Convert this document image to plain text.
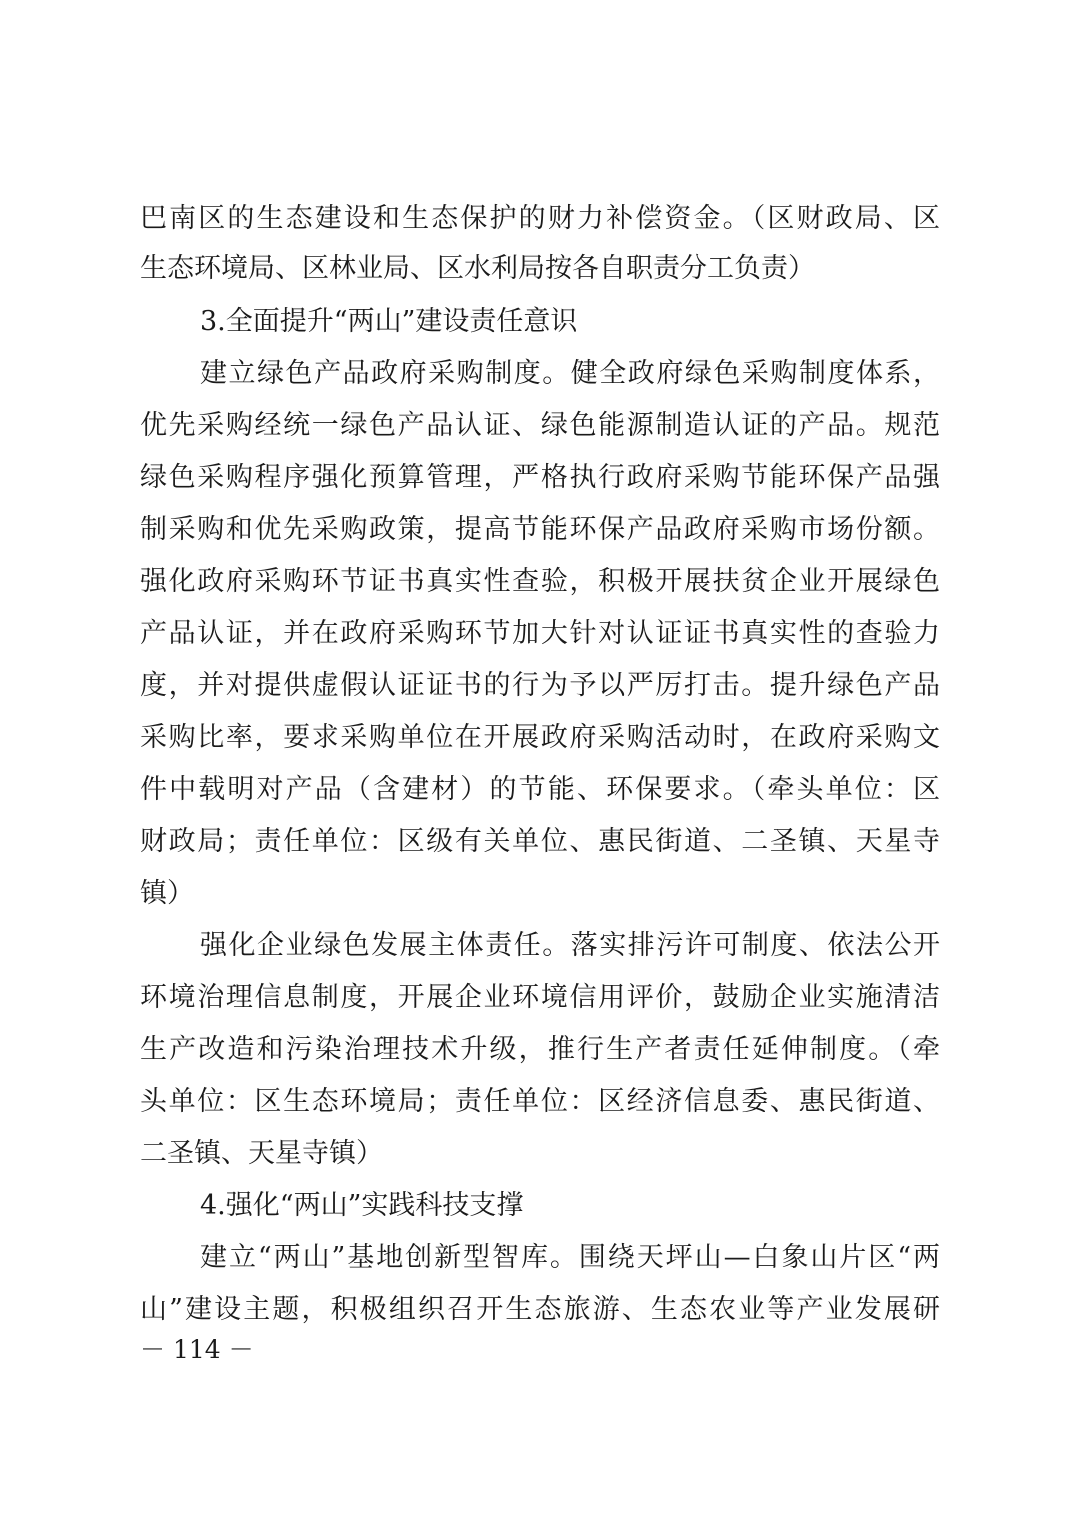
巴南区的生态建设和生态保护的财力补偿资金。（区财政局、区
生态环境局、区林业局、区水利局按各自职责分工负责）
3.全面提升“两山”建设责任意识
建立绿色产品政府采购制度。健全政府绿色采购制度体系，
优先采购经统一绿色产品认证、绿色能源制造认证的产品。规范
绿色采购程序强化预算管理，严格执行政府采购节能环保产品强
制采购和优先采购政策，提高节能环保产品政府采购市场份额。
强化政府采购环节证书真实性查验，积极开展扶贫企业开展绿色
产品认证，并在政府采购环节加大针对认证证书真实性的查验力
度，并对提供虚假认证证书的行为予以严厉打击。提升绿色产品
采购比率，要求采购单位在开展政府采购活动时，在政府采购文
件中载明对产品（含建材）的节能、环保要求。（牵头单位：区
财政局；责任单位：区级有关单位、惠民街道、二圣镇、天星寺
镇）
强化企业绿色发展主体责任。落实排污许可制度、依法公开
环境治理信息制度，开展企业环境信用评价，鼓励企业实施清洁
生产改造和污染治理技术升级，推行生产者责任延伸制度。（牵
头单位：区生态环境局；责任单位：区经济信息委、惠民街道、
二圣镇、天星寺镇）
4.强化“两山”实践科技支撑
建立“两山”基地创新型智库。围绕天坪山—白象山片区“两
山”建设主题，积极组织召开生态旅游、生态农业等产业发展研
－ 114 －
